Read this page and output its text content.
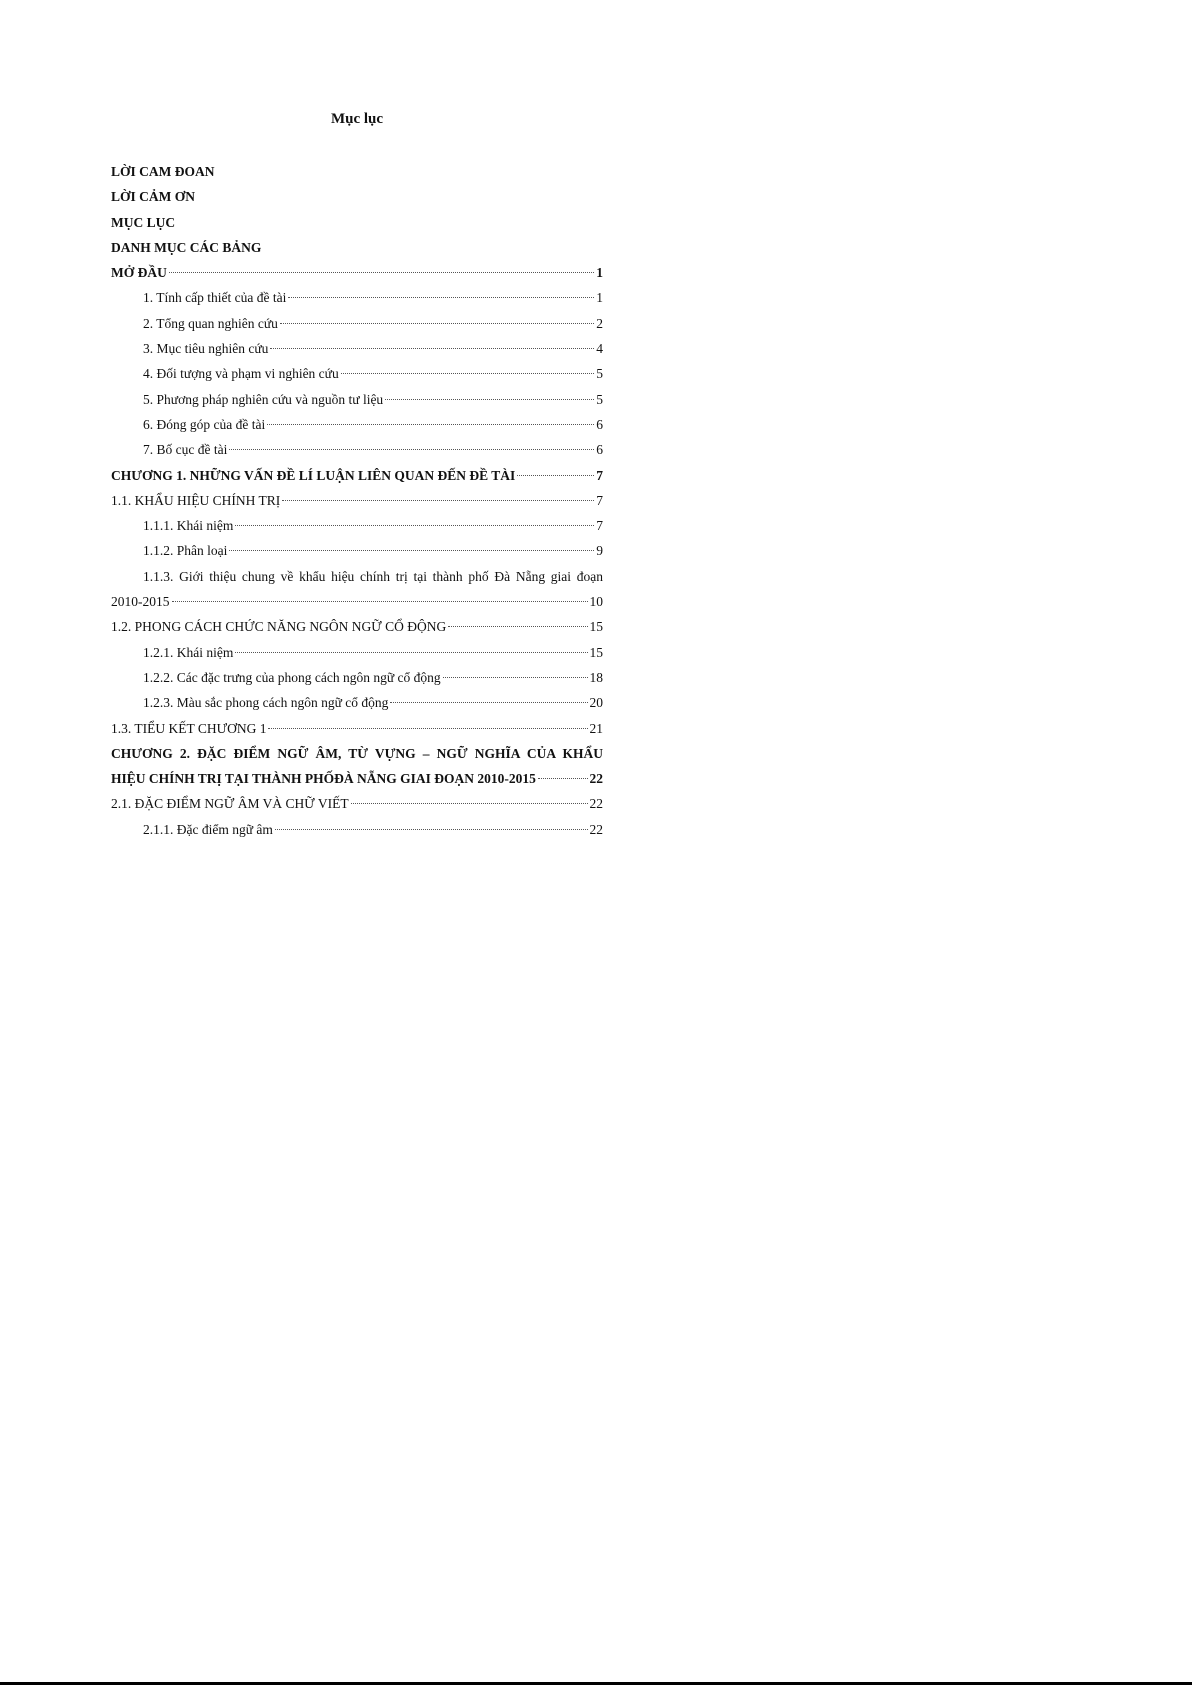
Mục lục
LỜI CAM ĐOAN
LỜI CẢM ƠN
MỤC LỤC
DANH MỤC CÁC BẢNG
MỞ ĐẦU	1
1. Tính cấp thiết của đề tài	1
2. Tổng quan nghiên cứu	2
3. Mục tiêu nghiên cứu	4
4. Đối tượng và phạm vi nghiên cứu	5
5. Phương pháp nghiên cứu và nguồn tư liệu	5
6. Đóng góp của đề tài	6
7. Bố cục đề tài	6
CHƯƠNG 1. NHỮNG VẤN ĐỀ LÍ LUẬN LIÊN QUAN ĐẾN ĐỀ TÀI	7
1.1. KHẨU HIỆU CHÍNH TRỊ	7
1.1.1. Khái niệm	7
1.1.2. Phân loại	9
1.1.3. Giới thiệu chung về khẩu hiệu chính trị tại thành phố Đà Nẵng giai đoạn
2010-2015	10
1.2. PHONG CÁCH CHỨC NĂNG NGÔN NGỮ CỔ ĐỘNG	15
1.2.1. Khái niệm	15
1.2.2. Các đặc trưng của phong cách ngôn ngữ cổ động	18
1.2.3. Màu sắc phong cách ngôn ngữ cổ động	20
1.3. TIỂU KẾT CHƯƠNG 1	21
CHƯƠNG 2. ĐẶC ĐIỂM NGỮ ÂM, TỪ VỰNG – NGỮ NGHĨA CỦA KHẨU
HIỆU CHÍNH TRỊ TẠI THÀNH PHỐĐÀ NẴNG GIAI ĐOẠN 2010-2015	22
2.1. ĐẶC ĐIỂM NGỮ ÂM VÀ CHỮ VIẾT	22
2.1.1. Đặc điểm ngữ âm	22
